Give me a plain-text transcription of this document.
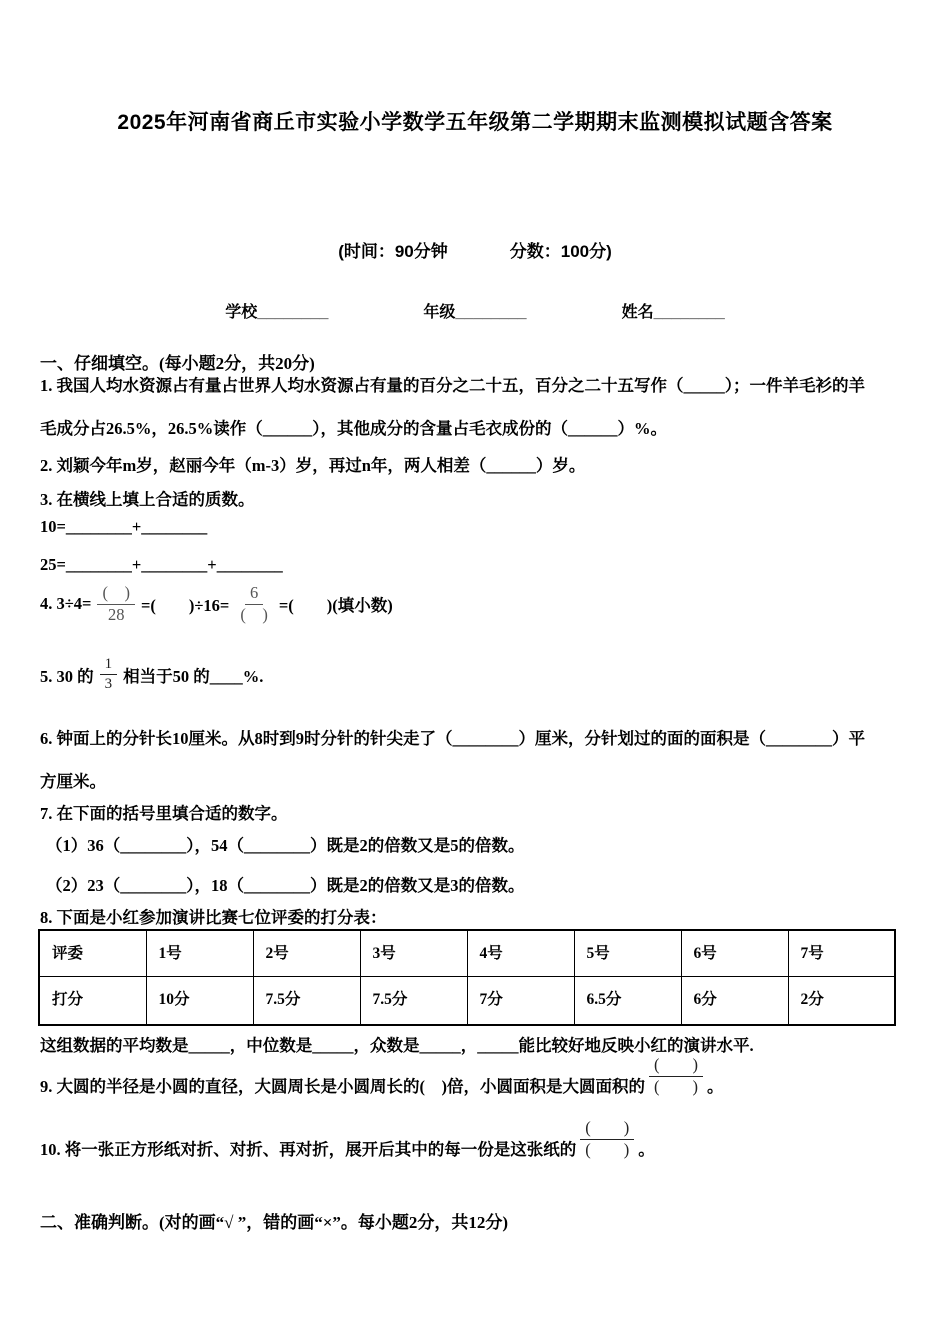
2025年河南省商丘市实验小学数学五年级第二学期期末监测模拟试题含答案
(时间：90分钟	分数：100分)
学校________	年级________	姓名________
一、仔细填空。(每小题2分，共20分)
1. 我国人均水资源占有量占世界人均水资源占有量的百分之二十五，百分之二十五写作（_____）；一件羊毛衫的羊
毛成分占26.5%，26.5%读作（______），其他成分的含量占毛衣成份的（______）%。
2. 刘颖今年m岁，赵丽今年（m-3）岁，再过n年，两人相差（______）岁。
3. 在横线上填上合适的质数。
10=________+________
25=________+________+________
4. $3\div 4= \frac{( )}{28}$ =(　　)$\div 16= \frac{6}{( )}$ =(　　)(填小数)
5. 30 的 $\frac{1}{3}$ 相当于50 的____%.
6. 钟面上的分针长10厘米。从8时到9时分针的针尖走了（________）厘米，分针划过的面的面积是（________）平
方厘米。
7. 在下面的括号里填合适的数字。
（1）36（________），54（________）既是2的倍数又是5的倍数。
（2）23（________），18（________）既是2的倍数又是3的倍数。
8. 下面是小红参加演讲比赛七位评委的打分表：
评委	1号	2号	3号	4号	5号	6号	7号
打分	10分	7.5分	7.5分	7分	6.5分	6分	2分
这组数据的平均数是_____，中位数是_____，众数是_____，_____能比较好地反映小红的演讲水平.
9. 大圆的半径是小圆的直径，大圆周长是小圆周长的(　)倍，小圆面积是大圆面积的 $\frac{( )}{( )}$ 。
10. 将一张正方形纸对折、对折、再对折，展开后其中的每一份是这张纸的 $\frac{( )}{( )}$ 。
二、准确判断。(对的画“√ ”，错的画“×”。每小题2分，共12分)
